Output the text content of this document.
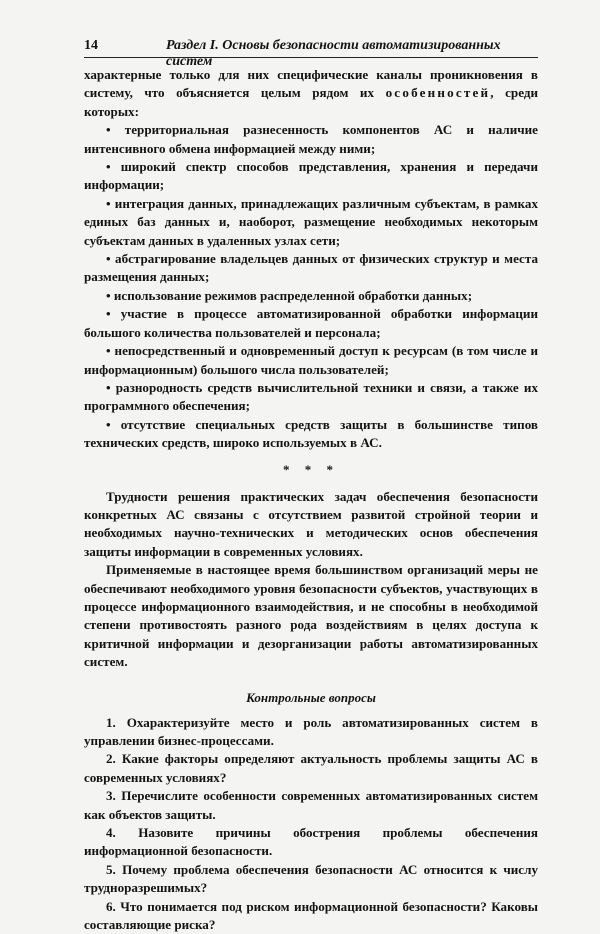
14	Раздел I. Основы безопасности автоматизированных систем

характерные только для них специфические каналы проникновения в систему, что объясняется целым рядом их особенностей, среди которых:

• территориальная разнесенность компонентов АС и наличие интенсивного обмена информацией между ними;

• широкий спектр способов представления, хранения и передачи информации;

• интеграция данных, принадлежащих различным субъектам, в рамках единых баз данных и, наоборот, размещение необходимых некоторым субъектам данных в удаленных узлах сети;

• абстрагирование владельцев данных от физических структур и места размещения данных;

• использование режимов распределенной обработки данных;

• участие в процессе автоматизированной обработки информации большого количества пользователей и персонала;

• непосредственный и одновременный доступ к ресурсам (в том числе и информационным) большого числа пользователей;

• разнородность средств вычислительной техники и связи, а также их программного обеспечения;

• отсутствие специальных средств защиты в большинстве типов технических средств, широко используемых в АС.

* * *

Трудности решения практических задач обеспечения безопасности конкретных АС связаны с отсутствием развитой стройной теории и необходимых научно-технических и методических основ обеспечения защиты информации в современных условиях.

Применяемые в настоящее время большинством организаций меры не обеспечивают необходимого уровня безопасности субъектов, участвующих в процессе информационного взаимодействия, и не способны в необходимой степени противостоять разного рода воздействиям в целях доступа к критичной информации и дезорганизации работы автоматизированных систем.

Контрольные вопросы

1. Охарактеризуйте место и роль автоматизированных систем в управлении бизнес-процессами.

2. Какие факторы определяют актуальность проблемы защиты АС в современных условиях?

3. Перечислите особенности современных автоматизированных систем как объектов защиты.

4. Назовите причины обострения проблемы обеспечения информационной безопасности.

5. Почему проблема обеспечения безопасности АС относится к числу трудноразрешимых?

6. Что понимается под риском информационной безопасности? Каковы составляющие риска?
